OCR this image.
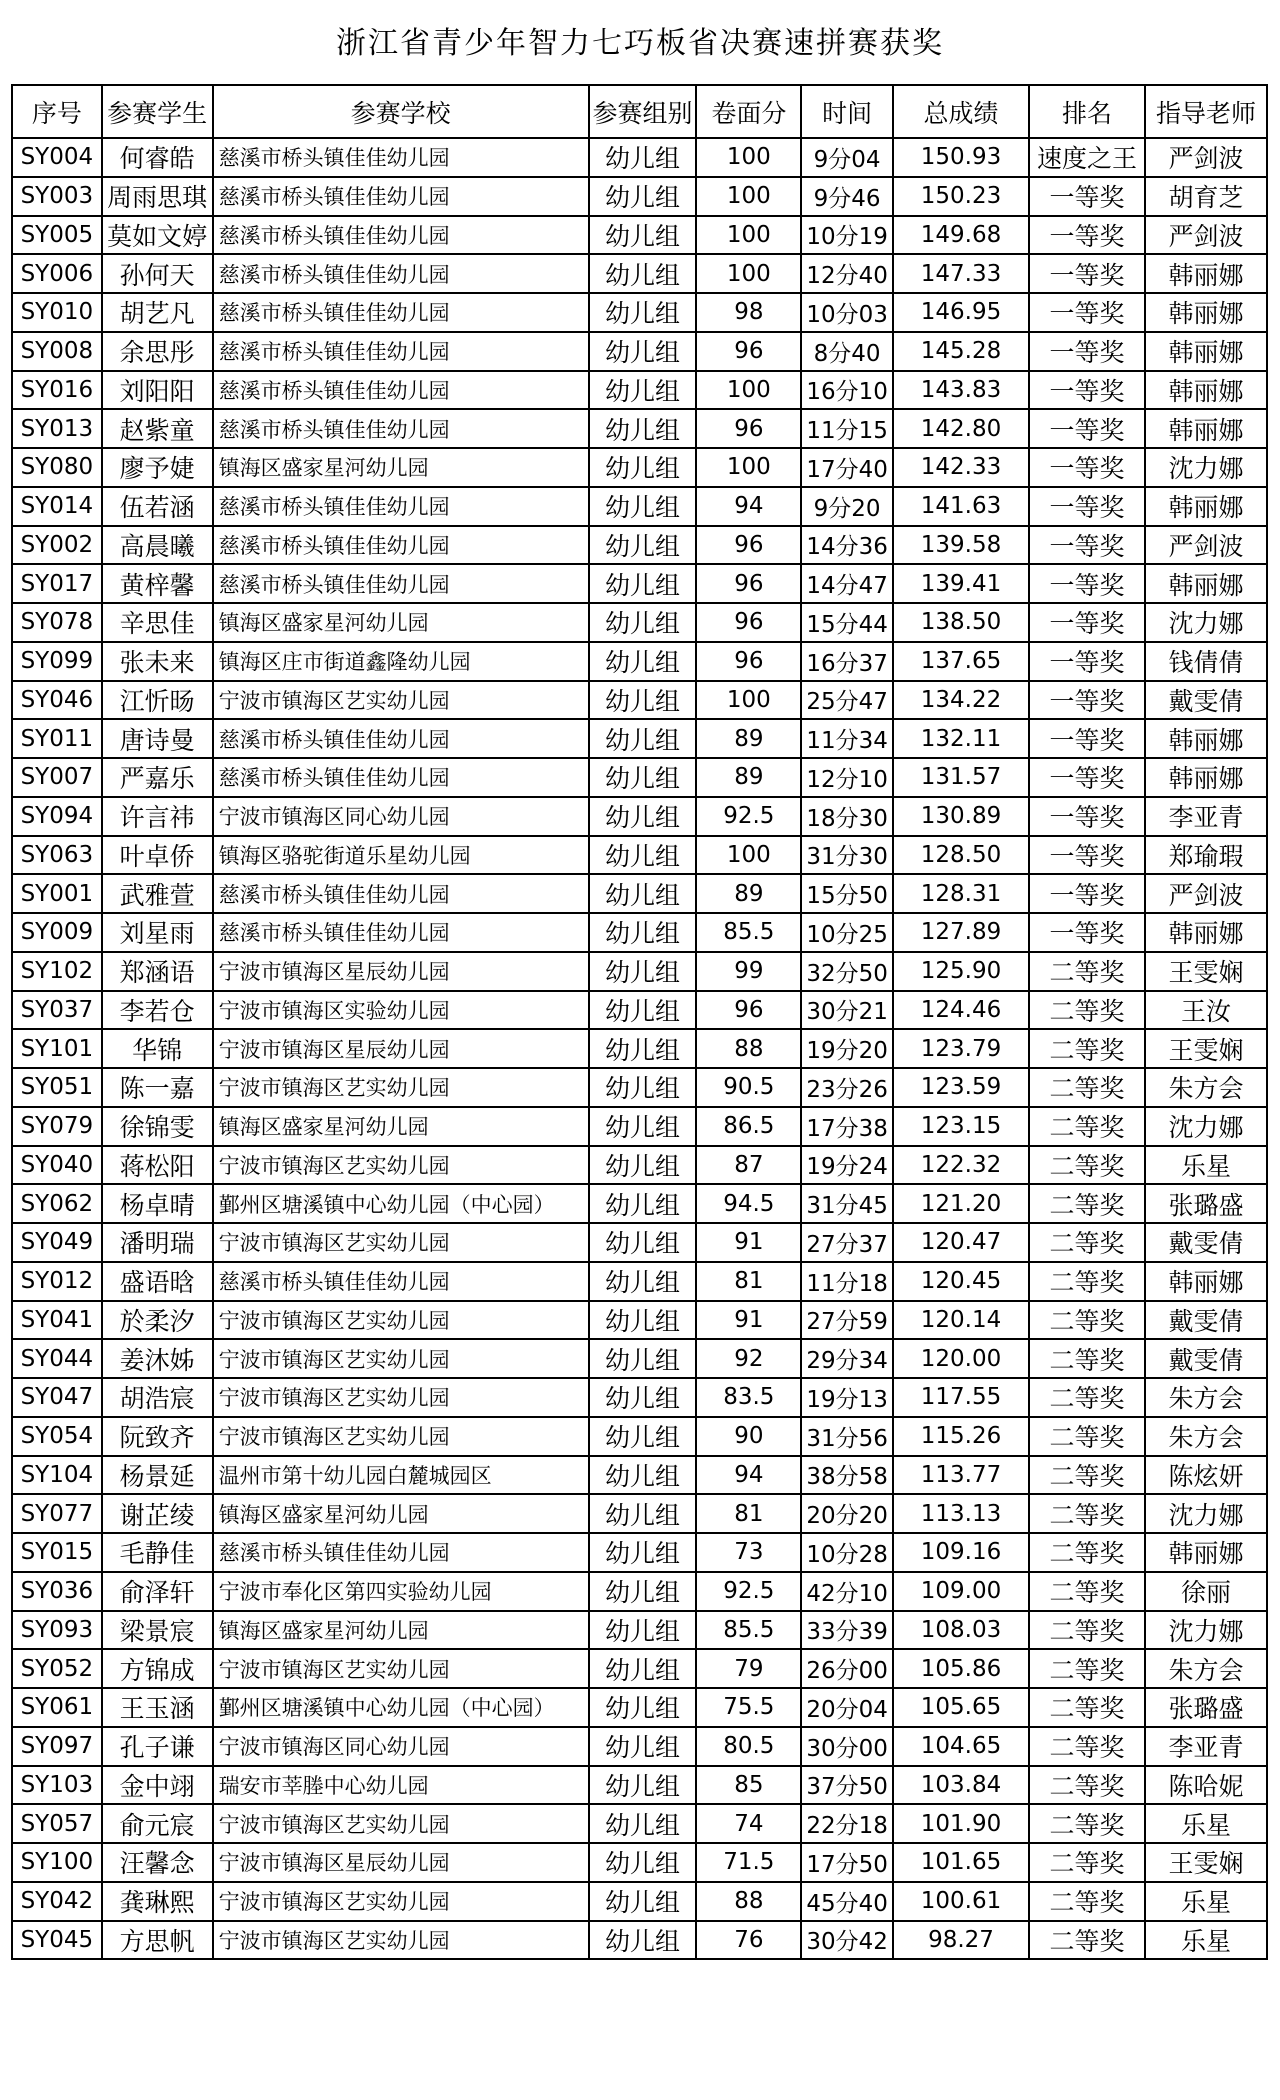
浙江省青少年智力七巧板省决赛速拼赛获奖
序号	参赛学生	参赛学校	参赛组别	卷面分	时间	总成绩	排名	指导老师
SY004	何睿皓	慈溪市桥头镇佳佳幼儿园	幼儿组	100	9分04	150.93	速度之王	严剑波
SY003	周雨思琪	慈溪市桥头镇佳佳幼儿园	幼儿组	100	9分46	150.23	一等奖	胡育芝
SY005	莫如文婷	慈溪市桥头镇佳佳幼儿园	幼儿组	100	10分19	149.68	一等奖	严剑波
SY006	孙何天	慈溪市桥头镇佳佳幼儿园	幼儿组	100	12分40	147.33	一等奖	韩丽娜
SY010	胡艺凡	慈溪市桥头镇佳佳幼儿园	幼儿组	98	10分03	146.95	一等奖	韩丽娜
SY008	余思彤	慈溪市桥头镇佳佳幼儿园	幼儿组	96	8分40	145.28	一等奖	韩丽娜
SY016	刘阳阳	慈溪市桥头镇佳佳幼儿园	幼儿组	100	16分10	143.83	一等奖	韩丽娜
SY013	赵紫童	慈溪市桥头镇佳佳幼儿园	幼儿组	96	11分15	142.80	一等奖	韩丽娜
SY080	廖予婕	镇海区盛家星河幼儿园	幼儿组	100	17分40	142.33	一等奖	沈力娜
SY014	伍若涵	慈溪市桥头镇佳佳幼儿园	幼儿组	94	9分20	141.63	一等奖	韩丽娜
SY002	高晨曦	慈溪市桥头镇佳佳幼儿园	幼儿组	96	14分36	139.58	一等奖	严剑波
SY017	黄梓馨	慈溪市桥头镇佳佳幼儿园	幼儿组	96	14分47	139.41	一等奖	韩丽娜
SY078	辛思佳	镇海区盛家星河幼儿园	幼儿组	96	15分44	138.50	一等奖	沈力娜
SY099	张未来	镇海区庄市街道鑫隆幼儿园	幼儿组	96	16分37	137.65	一等奖	钱倩倩
SY046	江忻旸	宁波市镇海区艺实幼儿园	幼儿组	100	25分47	134.22	一等奖	戴雯倩
SY011	唐诗曼	慈溪市桥头镇佳佳幼儿园	幼儿组	89	11分34	132.11	一等奖	韩丽娜
SY007	严嘉乐	慈溪市桥头镇佳佳幼儿园	幼儿组	89	12分10	131.57	一等奖	韩丽娜
SY094	许言祎	宁波市镇海区同心幼儿园	幼儿组	92.5	18分30	130.89	一等奖	李亚青
SY063	叶卓侨	镇海区骆驼街道乐星幼儿园	幼儿组	100	31分30	128.50	一等奖	郑瑜瑕
SY001	武雅萱	慈溪市桥头镇佳佳幼儿园	幼儿组	89	15分50	128.31	一等奖	严剑波
SY009	刘星雨	慈溪市桥头镇佳佳幼儿园	幼儿组	85.5	10分25	127.89	一等奖	韩丽娜
SY102	郑涵语	宁波市镇海区星辰幼儿园	幼儿组	99	32分50	125.90	二等奖	王雯娴
SY037	李若仓	宁波市镇海区实验幼儿园	幼儿组	96	30分21	124.46	二等奖	王汝
SY101	华锦	宁波市镇海区星辰幼儿园	幼儿组	88	19分20	123.79	二等奖	王雯娴
SY051	陈一嘉	宁波市镇海区艺实幼儿园	幼儿组	90.5	23分26	123.59	二等奖	朱方会
SY079	徐锦雯	镇海区盛家星河幼儿园	幼儿组	86.5	17分38	123.15	二等奖	沈力娜
SY040	蒋松阳	宁波市镇海区艺实幼儿园	幼儿组	87	19分24	122.32	二等奖	乐星
SY062	杨卓晴	鄞州区塘溪镇中心幼儿园（中心园）	幼儿组	94.5	31分45	121.20	二等奖	张璐盛
SY049	潘明瑞	宁波市镇海区艺实幼儿园	幼儿组	91	27分37	120.47	二等奖	戴雯倩
SY012	盛语晗	慈溪市桥头镇佳佳幼儿园	幼儿组	81	11分18	120.45	二等奖	韩丽娜
SY041	於柔汐	宁波市镇海区艺实幼儿园	幼儿组	91	27分59	120.14	二等奖	戴雯倩
SY044	姜沐姊	宁波市镇海区艺实幼儿园	幼儿组	92	29分34	120.00	二等奖	戴雯倩
SY047	胡浩宸	宁波市镇海区艺实幼儿园	幼儿组	83.5	19分13	117.55	二等奖	朱方会
SY054	阮致齐	宁波市镇海区艺实幼儿园	幼儿组	90	31分56	115.26	二等奖	朱方会
SY104	杨景延	温州市第十幼儿园白麓城园区	幼儿组	94	38分58	113.77	二等奖	陈炫妍
SY077	谢芷绫	镇海区盛家星河幼儿园	幼儿组	81	20分20	113.13	二等奖	沈力娜
SY015	毛静佳	慈溪市桥头镇佳佳幼儿园	幼儿组	73	10分28	109.16	二等奖	韩丽娜
SY036	俞泽轩	宁波市奉化区第四实验幼儿园	幼儿组	92.5	42分10	109.00	二等奖	徐丽
SY093	梁景宸	镇海区盛家星河幼儿园	幼儿组	85.5	33分39	108.03	二等奖	沈力娜
SY052	方锦成	宁波市镇海区艺实幼儿园	幼儿组	79	26分00	105.86	二等奖	朱方会
SY061	王玉涵	鄞州区塘溪镇中心幼儿园（中心园）	幼儿组	75.5	20分04	105.65	二等奖	张璐盛
SY097	孔子谦	宁波市镇海区同心幼儿园	幼儿组	80.5	30分00	104.65	二等奖	李亚青
SY103	金中翊	瑞安市莘塍中心幼儿园	幼儿组	85	37分50	103.84	二等奖	陈哈妮
SY057	俞元宸	宁波市镇海区艺实幼儿园	幼儿组	74	22分18	101.90	二等奖	乐星
SY100	汪馨念	宁波市镇海区星辰幼儿园	幼儿组	71.5	17分50	101.65	二等奖	王雯娴
SY042	龚琳熙	宁波市镇海区艺实幼儿园	幼儿组	88	45分40	100.61	二等奖	乐星
SY045	方思帆	宁波市镇海区艺实幼儿园	幼儿组	76	30分42	98.27	二等奖	乐星
